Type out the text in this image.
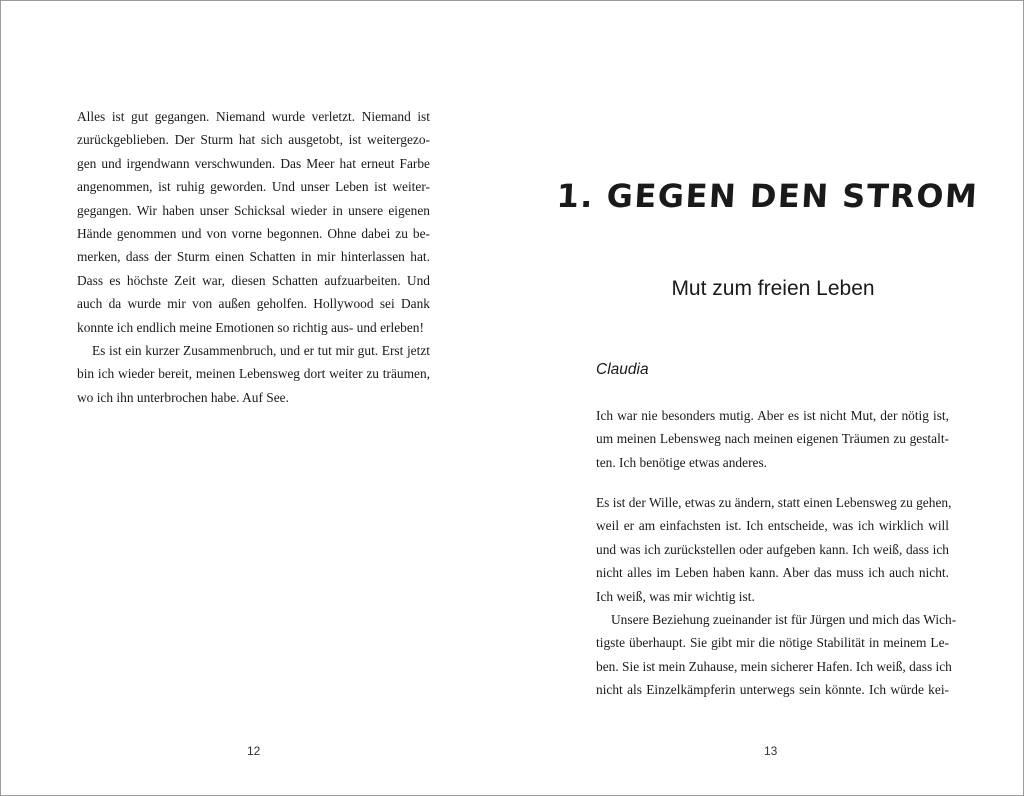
Alles ist gut gegangen. Niemand wurde verletzt. Niemand ist
zurückgeblieben. Der Sturm hat sich ausgetobt, ist weitergezo-
gen und irgendwann verschwunden. Das Meer hat erneut Farbe
angenommen, ist ruhig geworden. Und unser Leben ist weiter-
gegangen. Wir haben unser Schicksal wieder in unsere eigenen
Hände genommen und von vorne begonnen. Ohne dabei zu be-
merken, dass der Sturm einen Schatten in mir hinterlassen hat.
Dass es höchste Zeit war, diesen Schatten aufzuarbeiten. Und
auch da wurde mir von außen geholfen. Hollywood sei Dank
konnte ich endlich meine Emotionen so richtig aus- und erleben!
Es ist ein kurzer Zusammenbruch, und er tut mir gut. Erst jetzt
bin ich wieder bereit, meinen Lebensweg dort weiter zu träumen,
wo ich ihn unterbrochen habe. Auf See.
12
1. GEGEN DEN STROM
Mut zum freien Leben
Claudia
Ich war nie besonders mutig. Aber es ist nicht Mut, der nötig ist,
um meinen Lebensweg nach meinen eigenen Träumen zu gestalt-
ten. Ich benötige etwas anderes.
Es ist der Wille, etwas zu ändern, statt einen Lebensweg zu gehen,
weil er am einfachsten ist. Ich entscheide, was ich wirklich will
und was ich zurückstellen oder aufgeben kann. Ich weiß, dass ich
nicht alles im Leben haben kann. Aber das muss ich auch nicht.
Ich weiß, was mir wichtig ist.
Unsere Beziehung zueinander ist für Jürgen und mich das Wich-
tigste überhaupt. Sie gibt mir die nötige Stabilität in meinem Le-
ben. Sie ist mein Zuhause, mein sicherer Hafen. Ich weiß, dass ich
nicht als Einzelkämpferin unterwegs sein könnte. Ich würde kei-
13
